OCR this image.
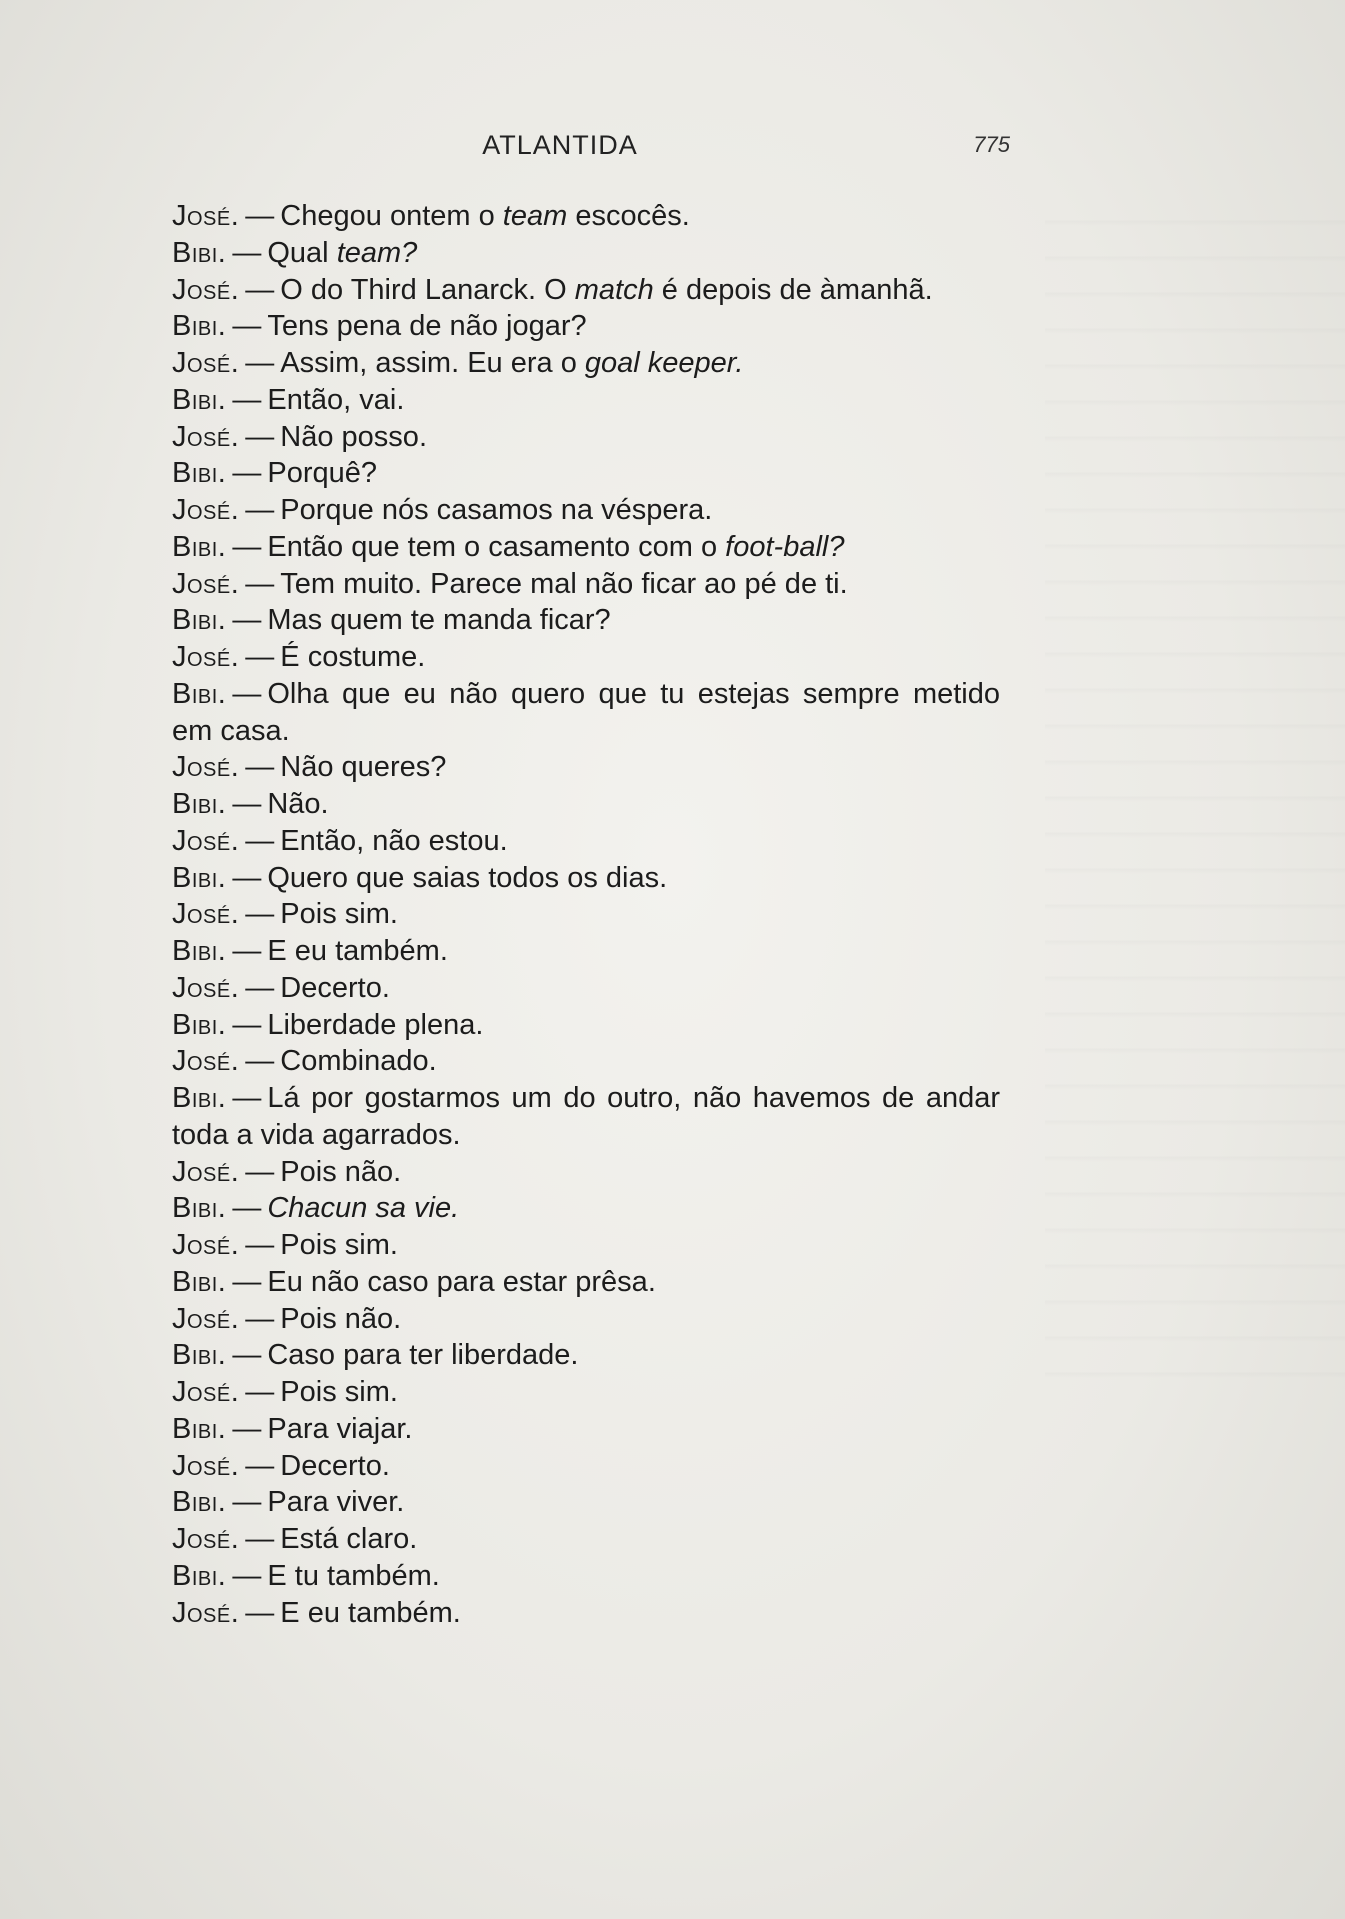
ATLANTIDA	775

José. — Chegou ontem o team escocês.

Bibi. — Qual team?

José. — O do Third Lanarck. O match é depois de àmanhã.

Bibi. — Tens pena de não jogar?

José. — Assim, assim. Eu era o goal keeper.

Bibi. — Então, vai.

José. — Não posso.

Bibi. — Porquê?

José. — Porque nós casamos na véspera.

Bibi. — Então que tem o casamento com o foot-ball?

José. — Tem muito. Parece mal não ficar ao pé de ti.

Bibi. — Mas quem te manda ficar?

José. — É costume.

Bibi. — Olha que eu não quero que tu estejas sempre metido em casa.

José. — Não queres?

Bibi. — Não.

José. — Então, não estou.

Bibi. — Quero que saias todos os dias.

José. — Pois sim.

Bibi. — E eu também.

José. — Decerto.

Bibi. — Liberdade plena.

José. — Combinado.

Bibi. — Lá por gostarmos um do outro, não havemos de andar toda a vida agarrados.

José. — Pois não.

Bibi. — Chacun sa vie.

José. — Pois sim.

Bibi. — Eu não caso para estar prêsa.

José. — Pois não.

Bibi. — Caso para ter liberdade.

José. — Pois sim.

Bibi. — Para viajar.

José. — Decerto.

Bibi. — Para viver.

José. — Está claro.

Bibi. — E tu também.

José. — E eu também.
